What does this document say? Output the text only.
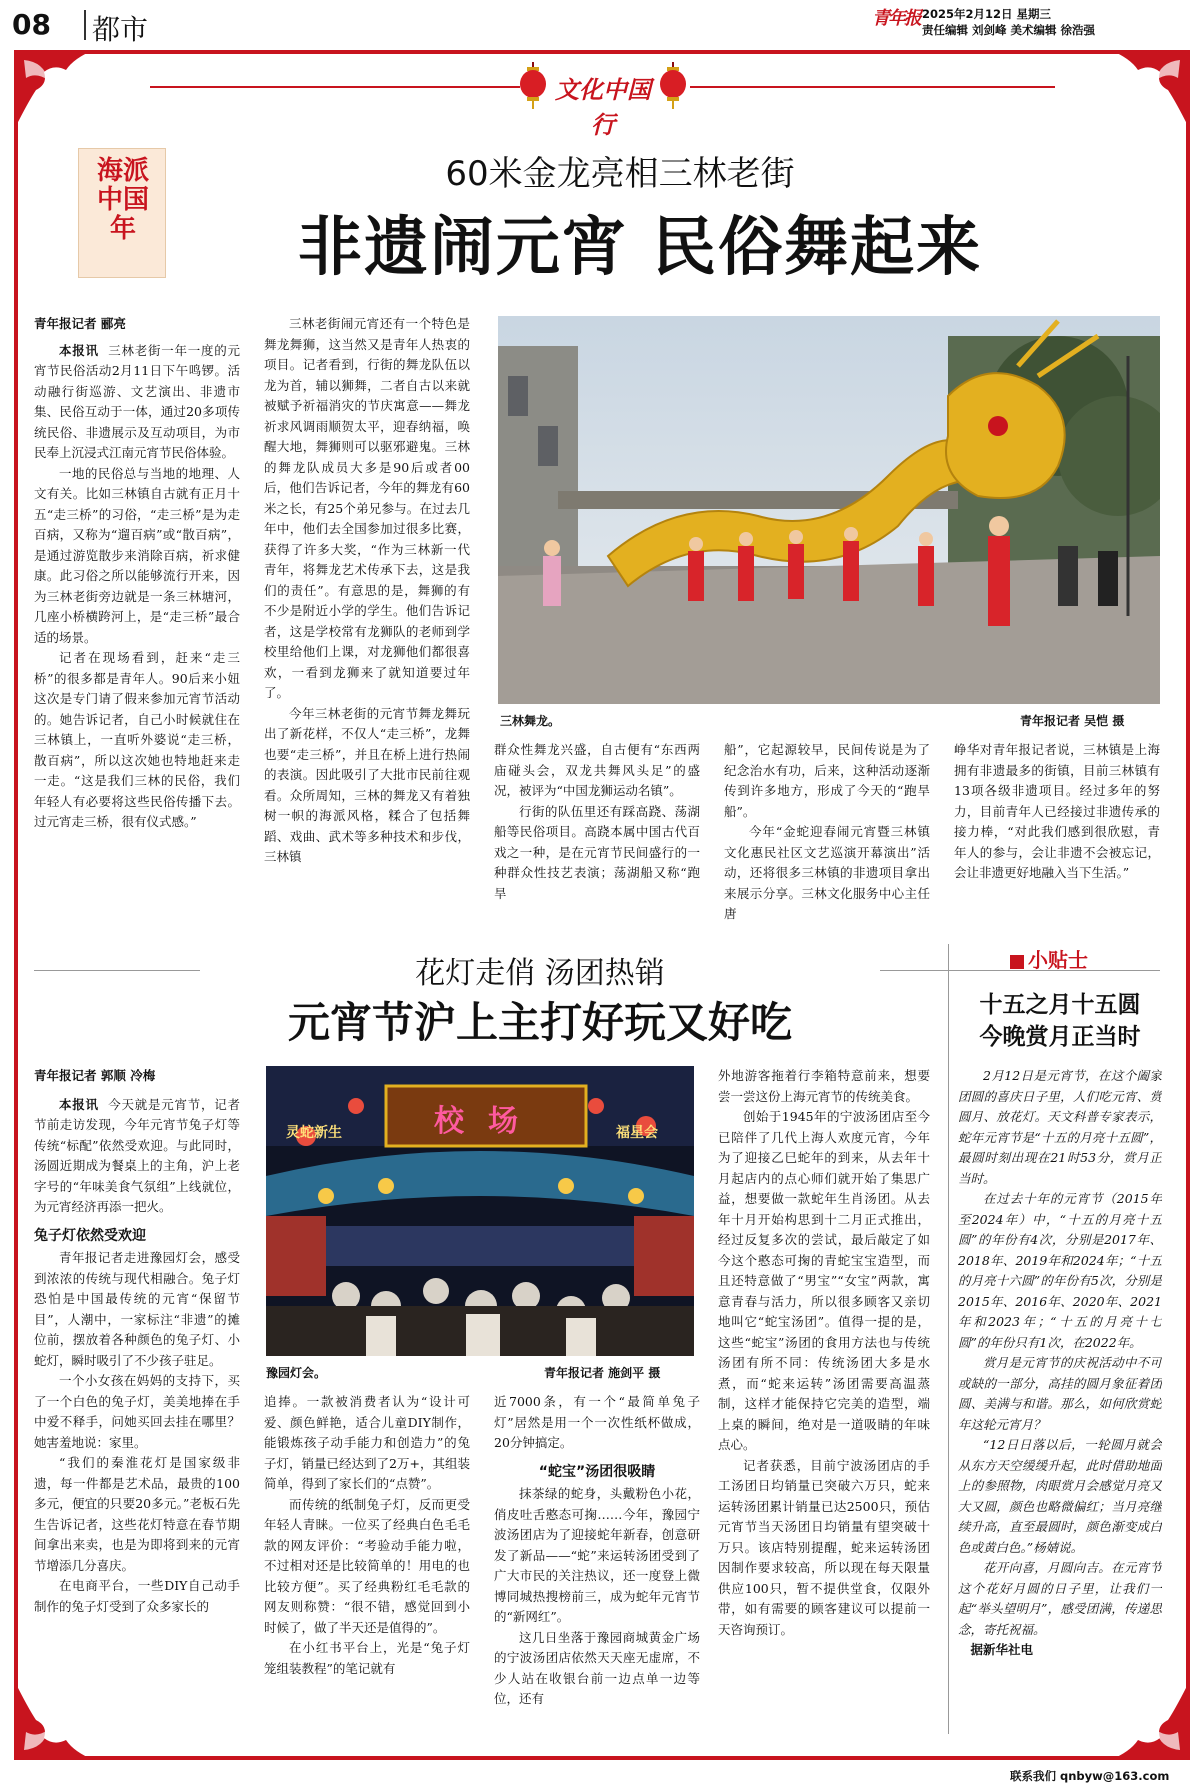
08 都市	青年报 2025年2月12日 星期三
责任编辑 刘剑峰 美术编辑 徐浩强
文化中国行
海派中国年
60米金龙亮相三林老街
非遗闹元宵 民俗舞起来

青年报记者 郦亮

本报讯 三林老街一年一度的元宵节民俗活动2月11日下午鸣锣。活动融行街巡游、文艺演出、非遗市集、民俗互动于一体，通过20多项传统民俗、非遗展示及互动项目，为市民奉上沉浸式江南元宵节民俗体验。

一地的民俗总与当地的地理、人文有关。比如三林镇自古就有正月十五“走三桥”的习俗，“走三桥”是为走百病，又称为“遛百病”或“散百病”，是通过游览散步来消除百病，祈求健康。此习俗之所以能够流行开来，因为三林老街旁边就是一条三林塘河，几座小桥横跨河上，是“走三桥”最合适的场景。

记者在现场看到，赶来“走三桥”的很多都是青年人。90后来小妞这次是专门请了假来参加元宵节活动的。她告诉记者，自己小时候就住在三林镇上，一直听外婆说“走三桥，散百病”，所以这次她也特地赶来走一走。“这是我们三林的民俗，我们年轻人有必要将这些民俗传播下去。过元宵走三桥，很有仪式感。”

三林老街闹元宵还有一个特色是舞龙舞狮，这当然又是青年人热衷的项目。记者看到，行街的舞龙队伍以龙为首，辅以狮舞，二者自古以来就被赋予祈福消灾的节庆寓意——舞龙祈求风调雨顺贺太平，迎春纳福，唤醒大地，舞狮则可以驱邪避鬼。三林的舞龙队成员大多是90后或者00后，他们告诉记者，今年的舞龙有60米之长，有25个弟兄参与。在过去几年中，他们去全国参加过很多比赛，获得了许多大奖，“作为三林新一代青年，将舞龙艺术传承下去，这是我们的责任”。有意思的是，舞狮的有不少是附近小学的学生。他们告诉记者，这是学校常有龙狮队的老师到学校里给他们上课，对龙狮他们都很喜欢，一看到龙狮来了就知道要过年了。

今年三林老街的元宵节舞龙舞玩出了新花样，不仅人“走三桥”，龙舞也要“走三桥”，并且在桥上进行热闹的表演。因此吸引了大批市民前往观看。众所周知，三林的舞龙又有着独树一帜的海派风格，糅合了包括舞蹈、戏曲、武术等多种技术和步伐，三林镇

三林舞龙。	青年报记者 吴恺 摄

群众性舞龙兴盛，自古便有“东西两庙碰头会，双龙共舞风头足”的盛况，被评为“中国龙狮运动名镇”。

行街的队伍里还有踩高跷、荡湖船等民俗项目。高跷本属中国古代百戏之一种，是在元宵节民间盛行的一种群众性技艺表演；荡湖船又称“跑旱

船”，它起源较早，民间传说是为了纪念治水有功，后来，这种活动逐渐传到许多地方，形成了今天的“跑旱船”。

今年“金蛇迎春闹元宵暨三林镇文化惠民社区文艺巡演开幕演出”活动，还将很多三林镇的非遗项目拿出来展示分享。三林文化服务中心主任唐

峥华对青年报记者说，三林镇是上海拥有非遗最多的街镇，目前三林镇有13项各级非遗项目。经过多年的努力，目前青年人已经接过非遗传承的接力棒，“对此我们感到很欣慰，青年人的参与，会让非遗不会被忘记，会让非遗更好地融入当下生活。”

花灯走俏 汤团热销
元宵节沪上主打好玩又好吃
小贴士
十五之月十五圆
今晚赏月正当时

青年报记者 郭顺 冷梅

本报讯 今天就是元宵节，记者节前走访发现，今年元宵节兔子灯等传统“标配”依然受欢迎。与此同时，汤圆近期成为餐桌上的主角，沪上老字号的“年味美食气氛组”上线就位，为元宵经济再添一把火。

兔子灯依然受欢迎

青年报记者走进豫园灯会，感受到浓浓的传统与现代相融合。兔子灯恐怕是中国最传统的元宵“保留节目”，人潮中，一家标注“非遗”的摊位前，摆放着各种颜色的兔子灯、小蛇灯，瞬时吸引了不少孩子驻足。

一个小女孩在妈妈的支持下，买了一个白色的兔子灯，美美地捧在手中爱不释手，问她买回去挂在哪里？她害羞地说：家里。

“我们的秦淮花灯是国家级非遗，每一件都是艺术品，最贵的100多元，便宜的只要20多元。”老板石先生告诉记者，这些花灯特意在春节期间拿出来卖，也是为即将到来的元宵节增添几分喜庆。

在电商平台，一些DIY自己动手制作的兔子灯受到了众多家长的

灵蛇新生	校场	福星会
豫园灯会。	青年报记者 施剑平 摄

追捧。一款被消费者认为“设计可爱、颜色鲜艳，适合儿童DIY制作，能锻炼孩子动手能力和创造力”的兔子灯，销量已经达到了2万+，其组装简单，得到了家长们的“点赞”。

而传统的纸制兔子灯，反而更受年轻人青睐。一位买了经典白色毛毛款的网友评价：“考验动手能力啦，不过相对还是比较简单的！用电的也比较方便”。买了经典粉红毛毛款的网友则称赞：“很不错，感觉回到小时候了，做了半天还是值得的”。

在小红书平台上，光是“兔子灯笼组装教程”的笔记就有

近7000条，有一个“最简单兔子灯”居然是用一个一次性纸杯做成，20分钟搞定。

“蛇宝”汤团很吸睛

抹茶绿的蛇身，头戴粉色小花，俏皮吐舌憨态可掬……今年，豫园宁波汤团店为了迎接蛇年新春，创意研发了新品——“蛇”来运转汤团受到了广大市民的关注热议，还一度登上微博同城热搜榜前三，成为蛇年元宵节的“新网红”。

这几日坐落于豫园商城黄金广场的宁波汤团店依然天天座无虚席，不少人站在收银台前一边点单一边等位，还有

外地游客拖着行李箱特意前来，想要尝一尝这份上海元宵节的传统美食。

创始于1945年的宁波汤团店至今已陪伴了几代上海人欢度元宵，今年为了迎接乙巳蛇年的到来，从去年十月起店内的点心师们就开始了集思广益，想要做一款蛇年生肖汤团。从去年十月开始构思到十二月正式推出，经过反复多次的尝试，最后敲定了如今这个憨态可掬的青蛇宝宝造型，而且还特意做了“男宝”“女宝”两款，寓意青春与活力，所以很多顾客又亲切地叫它“蛇宝汤团”。值得一提的是，这些“蛇宝”汤团的食用方法也与传统汤团有所不同：传统汤团大多是水煮，而“蛇来运转”汤团需要高温蒸制，这样才能保持它完美的造型，端上桌的瞬间，绝对是一道吸睛的年味点心。

记者获悉，目前宁波汤团店的手工汤团日均销量已突破六万只，蛇来运转汤团累计销量已达2500只，预估元宵节当天汤团日均销量有望突破十万只。该店特别提醒，蛇来运转汤团因制作要求较高，所以现在每天限量供应100只，暂不提供堂食，仅限外带，如有需要的顾客建议可以提前一天咨询预订。

2月12日是元宵节，在这个阖家团圆的喜庆日子里，人们吃元宵、赏圆月、放花灯。天文科普专家表示，蛇年元宵节是“十五的月亮十五圆”，最圆时刻出现在21时53分，赏月正当时。

在过去十年的元宵节（2015年至2024年）中，“十五的月亮十五圆”的年份有4次，分别是2017年、2018年、2019年和2024年；“十五的月亮十六圆”的年份有5次，分别是2015年、2016年、2020年、2021年和2023年；“十五的月亮十七圆”的年份只有1次，在2022年。

赏月是元宵节的庆祝活动中不可或缺的一部分，高挂的圆月象征着团圆、美满与和谐。那么，如何欣赏蛇年这轮元宵月？

“12日日落以后，一轮圆月就会从东方天空缓缓升起，此时借助地面上的参照物，肉眼赏月会感觉月亮又大又圆，颜色也略微偏红；当月亮继续升高，直至最圆时，颜色渐变成白色或黄白色。”杨婧说。

花开向喜，月圆向吉。在元宵节这个花好月圆的日子里，让我们一起“举头望明月”，感受团满，传递思念，寄托祝福。

据新华社电

联系我们 qnbyw@163.com
